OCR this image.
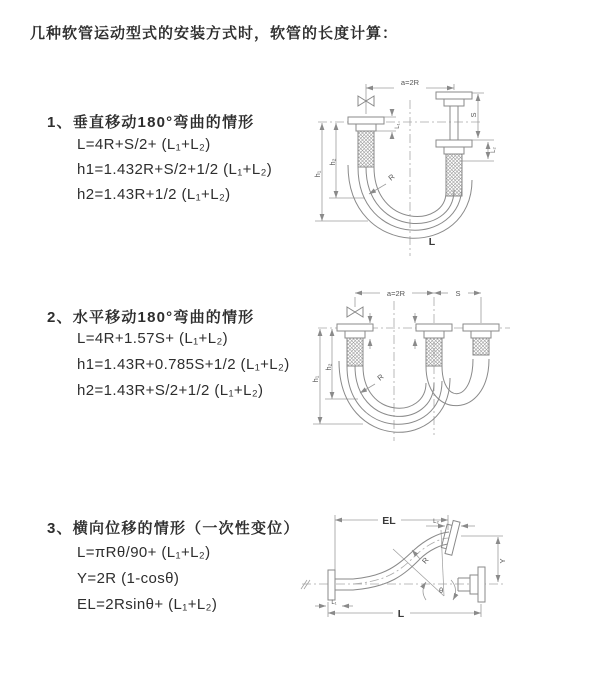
几种软管运动型式的安装方式时，软管的长度计算：
1、垂直移动180°弯曲的情形
L=4R+S/2+ (L₁+L₂)
h1=1.432R+S/2+1/2 (L₁+L₂)
h2=1.43R+1/2 (L₁+L₂)
a=2R
R
L
h₁
h₂
L₁
S
L₂
2、水平移动180°弯曲的情形
L=4R+1.57S+ (L₁+L₂)
h1=1.43R+0.785S+1/2 (L₁+L₂)
h2=1.43R+S/2+1/2 (L₁+L₂)
a=2R	S
R
h₁
h₂
3、横向位移的情形（一次性变位）
L=πRθ/90+ (L₁+L₂)
Y=2R (1-cosθ)
EL=2Rsinθ+ (L₁+L₂)
EL	L₂
Y
R
θ
L
L₁
